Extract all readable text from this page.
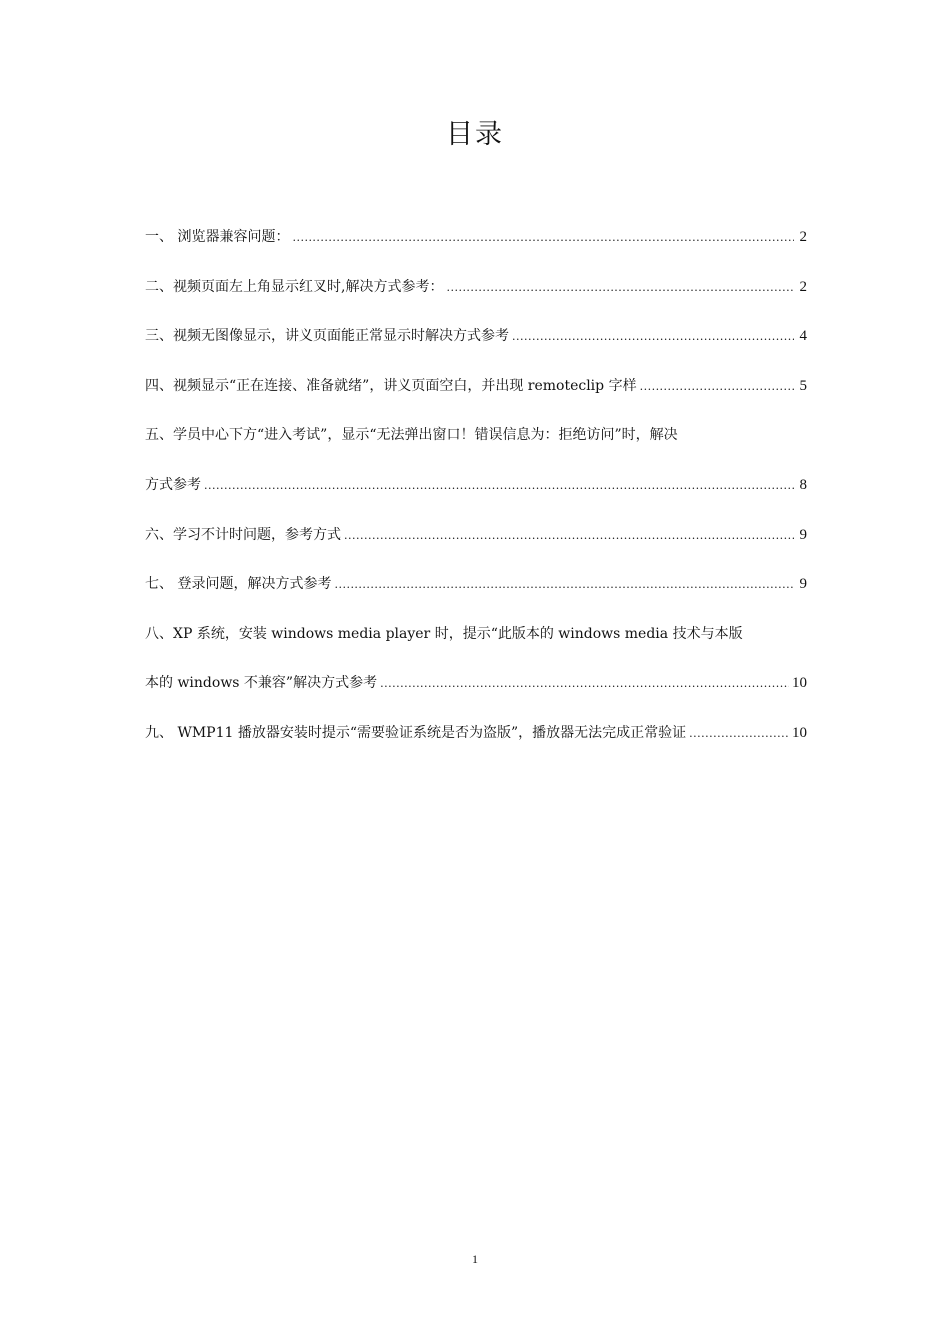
目录
一、 浏览器兼容问题： .....	2
二、视频页面左上角显示红叉时,解决方式参考： .....	2
三、视频无图像显示，讲义页面能正常显示时解决方式参考 .....	4
四、视频显示“正在连接、准备就绪”，讲义页面空白，并出现 remoteclip 字样 .....	5
五、学员中心下方“进入考试”，显示“无法弹出窗口！错误信息为：拒绝访问”时，解决
方式参考 .....	8
六、学习不计时问题，参考方式 .....	9
七、 登录问题，解决方式参考 .....	9
八、XP 系统，安装 windows media player 时，提示“此版本的 windows media 技术与本版
本的 windows 不兼容”解决方式参考 .....	10
九、 WMP11 播放器安装时提示“需要验证系统是否为盗版”，播放器无法完成正常验证 .....	10
1
